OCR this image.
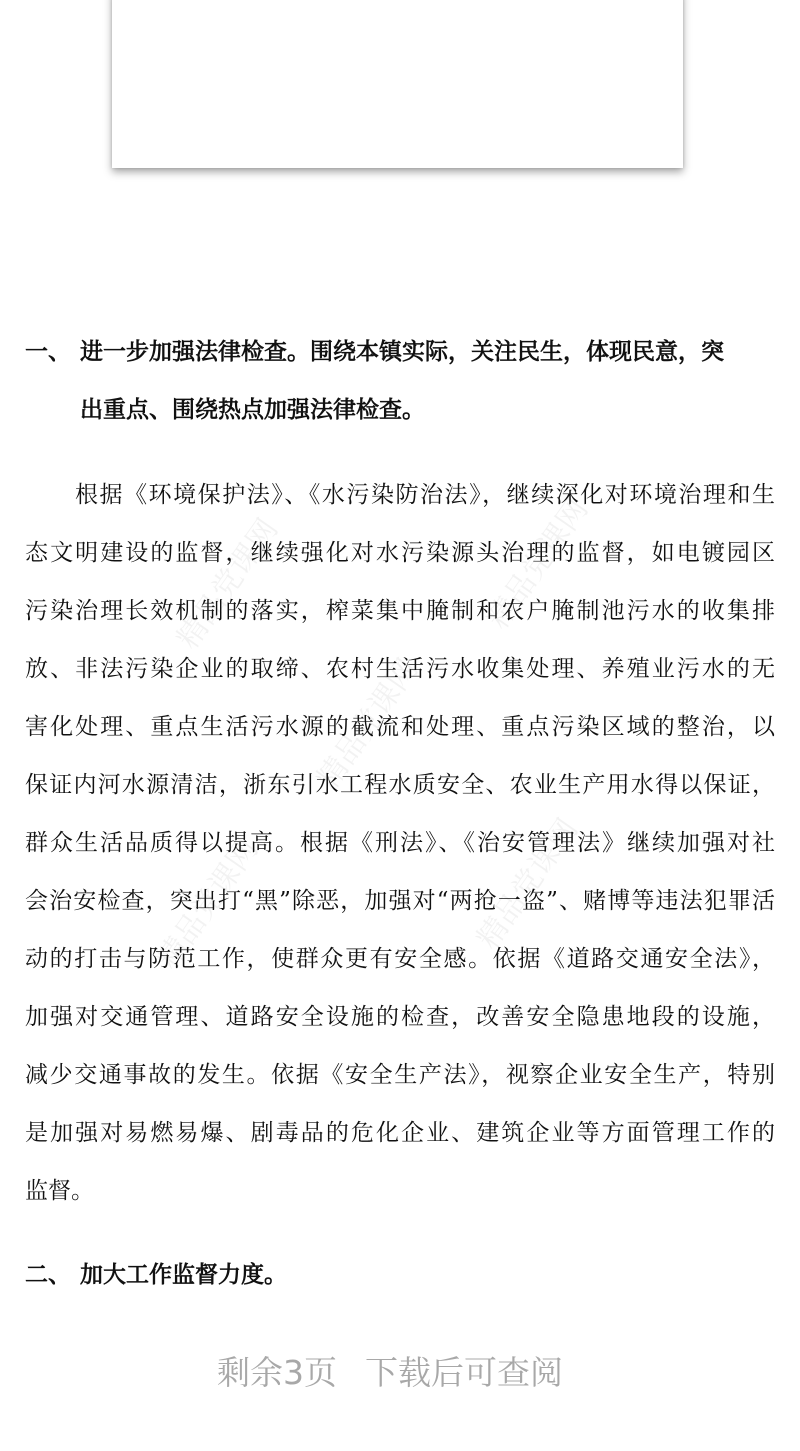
精品党课网	精品党课网
精品党课网
精品党课网	精品党课网
一、 进一步加强法律检查。围绕本镇实际，关注民生，体现民意，突
出重点、围绕热点加强法律检查。
根据《环境保护法》、《水污染防治法》，继续深化对环境治理和生
态文明建设的监督，继续强化对水污染源头治理的监督，如电镀园区
污染治理长效机制的落实，榨菜集中腌制和农户腌制池污水的收集排
放、非法污染企业的取缔、农村生活污水收集处理、养殖业污水的无
害化处理、重点生活污水源的截流和处理、重点污染区域的整治，以
保证内河水源清洁，浙东引水工程水质安全、农业生产用水得以保证，
群众生活品质得以提高。根据《刑法》、《治安管理法》继续加强对社
会治安检查，突出打“黑”除恶，加强对“两抢一盗”、赌博等违法犯罪活
动的打击与防范工作，使群众更有安全感。依据《道路交通安全法》，
加强对交通管理、道路安全设施的检查，改善安全隐患地段的设施，
减少交通事故的发生。依据《安全生产法》，视察企业安全生产，特别
是加强对易燃易爆、剧毒品的危化企业、建筑企业等方面管理工作的
监督。
二、 加大工作监督力度。
剩余3页 下载后可查阅
